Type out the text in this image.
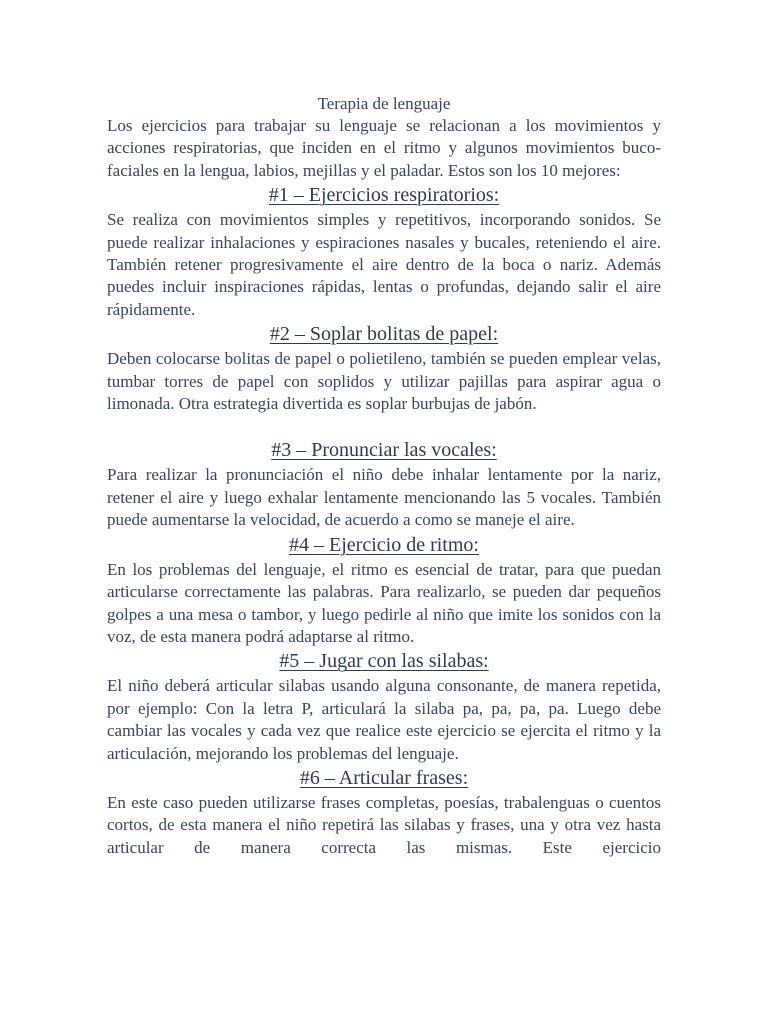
Terapia de lenguaje

Los ejercicios para trabajar su lenguaje se relacionan a los movimientos y acciones respiratorias, que inciden en el ritmo y algunos movimientos buco-faciales en la lengua, labios, mejillas y el paladar. Estos son los 10 mejores:

#1 – Ejercicios respiratorios:

Se realiza con movimientos simples y repetitivos, incorporando sonidos. Se puede realizar inhalaciones y espiraciones nasales y bucales, reteniendo el aire. También retener progresivamente el aire dentro de la boca o nariz. Además puedes incluir inspiraciones rápidas, lentas o profundas, dejando salir el aire rápidamente.

#2 – Soplar bolitas de papel:

Deben colocarse bolitas de papel o polietileno, también se pueden emplear velas, tumbar torres de papel con soplidos y utilizar pajillas para aspirar agua o limonada. Otra estrategia divertida es soplar burbujas de jabón.

#3 – Pronunciar las vocales:

Para realizar la pronunciación el niño debe inhalar lentamente por la nariz, retener el aire y luego exhalar lentamente mencionando las 5 vocales. También puede aumentarse la velocidad, de acuerdo a como se maneje el aire.

#4 – Ejercicio de ritmo:

En los problemas del lenguaje, el ritmo es esencial de tratar, para que puedan articularse correctamente las palabras. Para realizarlo, se pueden dar pequeños golpes a una mesa o tambor, y luego pedirle al niño que imite los sonidos con la voz, de esta manera podrá adaptarse al ritmo.

#5 – Jugar con las silabas:

El niño deberá articular silabas usando alguna consonante, de manera repetida, por ejemplo: Con la letra P, articulará la silaba pa, pa, pa, pa. Luego debe cambiar las vocales y cada vez que realice este ejercicio se ejercita el ritmo y la articulación, mejorando los problemas del lenguaje.

#6 – Articular frases:

En este caso pueden utilizarse frases completas, poesías, trabalenguas o cuentos cortos, de esta manera el niño repetirá las silabas y frases, una y otra vez hasta articular de manera correcta las mismas. Este ejercicio
